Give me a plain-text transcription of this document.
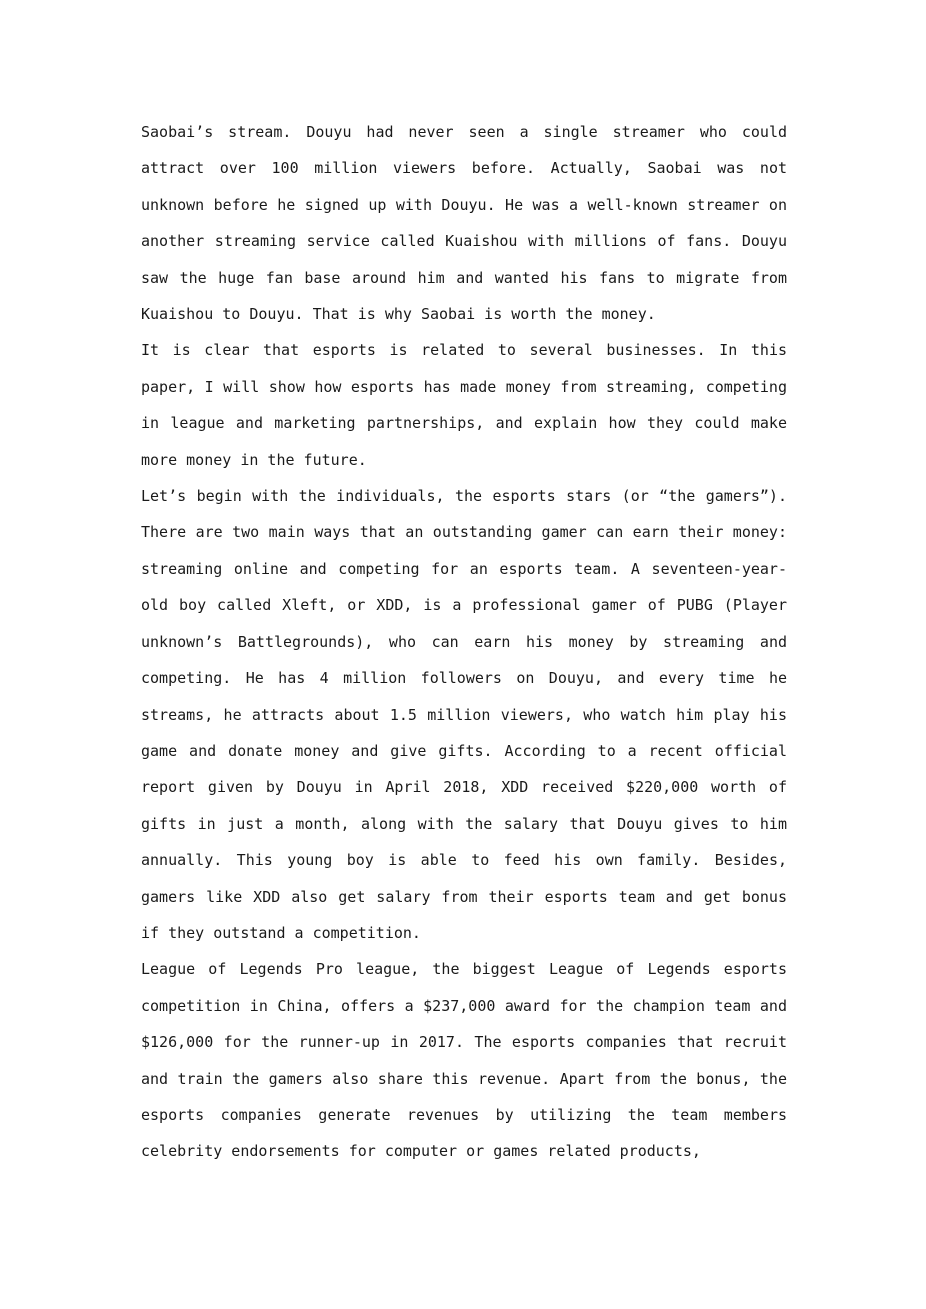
Saobai’s stream. Douyu had never seen a single streamer who could attract over 100 million viewers before. Actually, Saobai was not unknown before he signed up with Douyu. He was a well-known streamer on another streaming service called Kuaishou with millions of fans. Douyu saw the huge fan base around him and wanted his fans to migrate from Kuaishou to Douyu. That is why Saobai is worth the money.

It is clear that esports is related to several businesses. In this paper, I will show how esports has made money from streaming, competing in league and marketing partnerships, and explain how they could make more money in the future.

Let’s begin with the individuals, the esports stars (or “the gamers”). There are two main ways that an outstanding gamer can earn their money: streaming online and competing for an esports team. A seventeen-year-old boy called Xleft, or XDD, is a professional gamer of PUBG (Player unknown’s Battlegrounds), who can earn his money by streaming and competing. He has 4 million followers on Douyu, and every time he streams, he attracts about 1.5 million viewers, who watch him play his game and donate money and give gifts. According to a recent official report given by Douyu in April 2018, XDD received $220,000 worth of gifts in just a month, along with the salary that Douyu gives to him annually. This young boy is able to feed his own family. Besides, gamers like XDD also get salary from their esports team and get bonus if they outstand a competition.

League of Legends Pro league, the biggest League of Legends esports competition in China, offers a $237,000 award for the champion team and $126,000 for the runner-up in 2017. The esports companies that recruit and train the gamers also share this revenue. Apart from the bonus, the esports companies generate revenues by utilizing the team members celebrity endorsements for computer or games related products,
